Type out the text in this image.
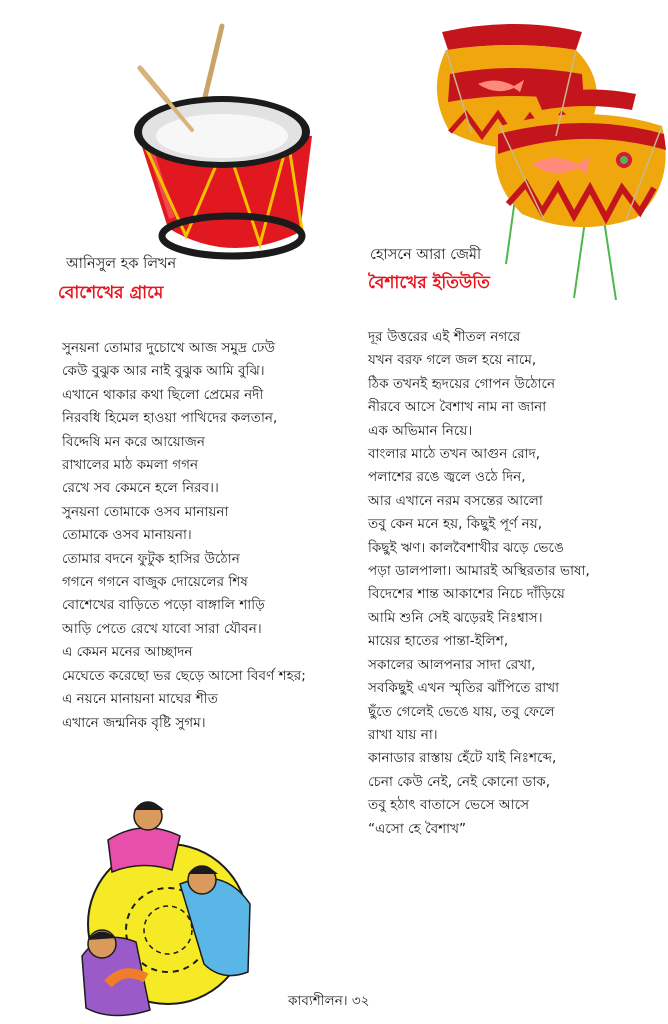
আনিসুল হক লিখন
বোশেখের গ্রামে
সুনয়না তোমার দুচোখে আজ সমুদ্র ঢেউ
কেউ বুঝুক আর নাই বুঝুক আমি বুঝি।
এখানে থাকার কথা ছিলো প্রেমের নদী
নিরবধি হিমেল হাওয়া পাখিদের কলতান,
বিদ্দেষি মন করে আয়োজন
রাখালের মাঠ কমলা গগন
রেখে সব কেমনে হলে নিরব।।
সুনয়না তোমাকে ওসব মানায়না
তোমাকে ওসব মানায়না।
তোমার বদনে ফুটুক হাসির উঠোন
গগনে গগনে বাজুক দোয়েলের শিষ
বোশেখের বাড়িতে পড়ো বাঙ্গালি শাড়ি
আড়ি পেতে রেখে যাবো সারা যৌবন।
এ কেমন মনের আচ্ছাদন
মেঘেতে করেছো ভর ছেড়ে আসো বিবর্ণ শহর;
এ নয়নে মানায়না মাঘের শীত
এখানে জন্মনিক বৃষ্টি সুগম।
হোসনে আরা জেমী
বৈশাখের ইতিউতি
দূর উত্তরের এই শীতল নগরে
যখন বরফ গলে জল হয়ে নামে,
ঠিক তখনই হৃদয়ের গোপন উঠোনে
নীরবে আসে বৈশাখ নাম না জানা
এক অভিমান নিয়ে।
বাংলার মাঠে তখন আগুন রোদ,
পলাশের রঙে জ্বলে ওঠে দিন,
আর এখানে নরম বসন্তের আলো
তবু কেন মনে হয়, কিছুই পূর্ণ নয়,
কিছুই ঋণ। কালবৈশাখীর ঝড়ে ভেঙে
পড়া ডালপালা। আমারই অস্থিরতার ভাষা,
বিদেশের শান্ত আকাশের নিচে দাঁড়িয়ে
আমি শুনি সেই ঝড়েরই নিঃশ্বাস।
মায়ের হাতের পান্তা-ইলিশ,
সকালের আলপনার সাদা রেখা,
সবকিছুই এখন স্মৃতির ঝাঁপিতে রাখা
ছুঁতে গেলেই ভেঙে যায়, তবু ফেলে
রাখা যায় না।
কানাডার রাস্তায় হেঁটে যাই নিঃশব্দে,
চেনা কেউ নেই, নেই কোনো ডাক,
তবু হঠাৎ বাতাসে ভেসে আসে
“এসো হে বৈশাখ”
কাব্যশীলন। ৩২
